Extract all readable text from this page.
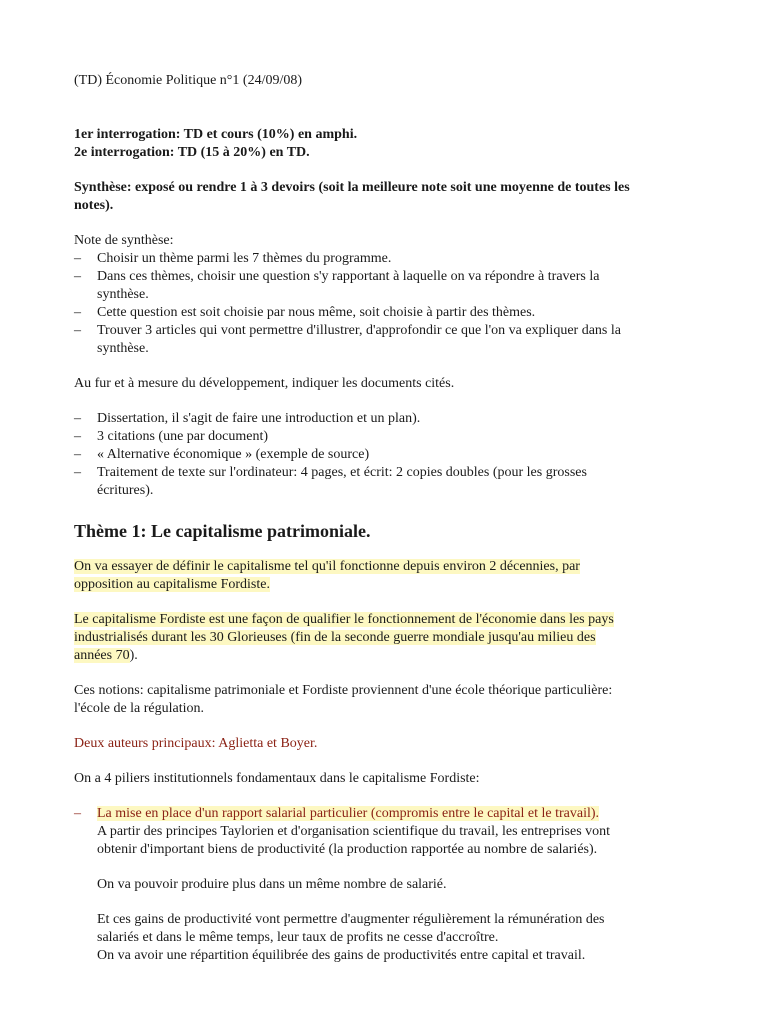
(TD) Économie Politique n°1 (24/09/08)

1er interrogation: TD et cours (10%) en amphi.

2e interrogation: TD (15 à 20%) en TD.

Synthèse: exposé ou rendre 1 à 3 devoirs (soit la meilleure note soit une moyenne de toutes les

notes).

Note de synthèse:

– Choisir un thème parmi les 7 thèmes du programme.
– Dans ces thèmes, choisir une question s'y rapportant à laquelle on va répondre à travers la
synthèse.
– Cette question est soit choisie par nous même, soit choisie à partir des thèmes.
– Trouver 3 articles qui vont permettre d'illustrer, d'approfondir ce que l'on va expliquer dans la
synthèse.

Au fur et à mesure du développement, indiquer les documents cités.

– Dissertation, il s'agit de faire une introduction et un plan).
– 3 citations (une par document)
– « Alternative économique » (exemple de source)
– Traitement de texte sur l'ordinateur: 4 pages, et écrit: 2 copies doubles (pour les grosses
écritures).
Thème 1: Le capitalisme patrimoniale.
On va essayer de définir le capitalisme tel qu'il fonctionne depuis environ 2 décennies, par
opposition au capitalisme Fordiste.
Le capitalisme Fordiste est une façon de qualifier le fonctionnement de l'économie dans les pays
industrialisés durant les 30 Glorieuses (fin de la seconde guerre mondiale jusqu'au milieu des
années 70).

Ces notions: capitalisme patrimoniale et Fordiste proviennent d'une école théorique particulière:

l'école de la régulation.

Deux auteurs principaux: Aglietta et Boyer.

On a 4 piliers institutionnels fondamentaux dans le capitalisme Fordiste:

– La mise en place d'un rapport salarial particulier (compromis entre le capital et le travail).
A partir des principes Taylorien et d'organisation scientifique du travail, les entreprises vont
obtenir d'important biens de productivité (la production rapportée au nombre de salariés).
On va pouvoir produire plus dans un même nombre de salarié.
Et ces gains de productivité vont permettre d'augmenter régulièrement la rémunération des
salariés et dans le même temps, leur taux de profits ne cesse d'accroître.
On va avoir une répartition équilibrée des gains de productivités entre capital et travail.
